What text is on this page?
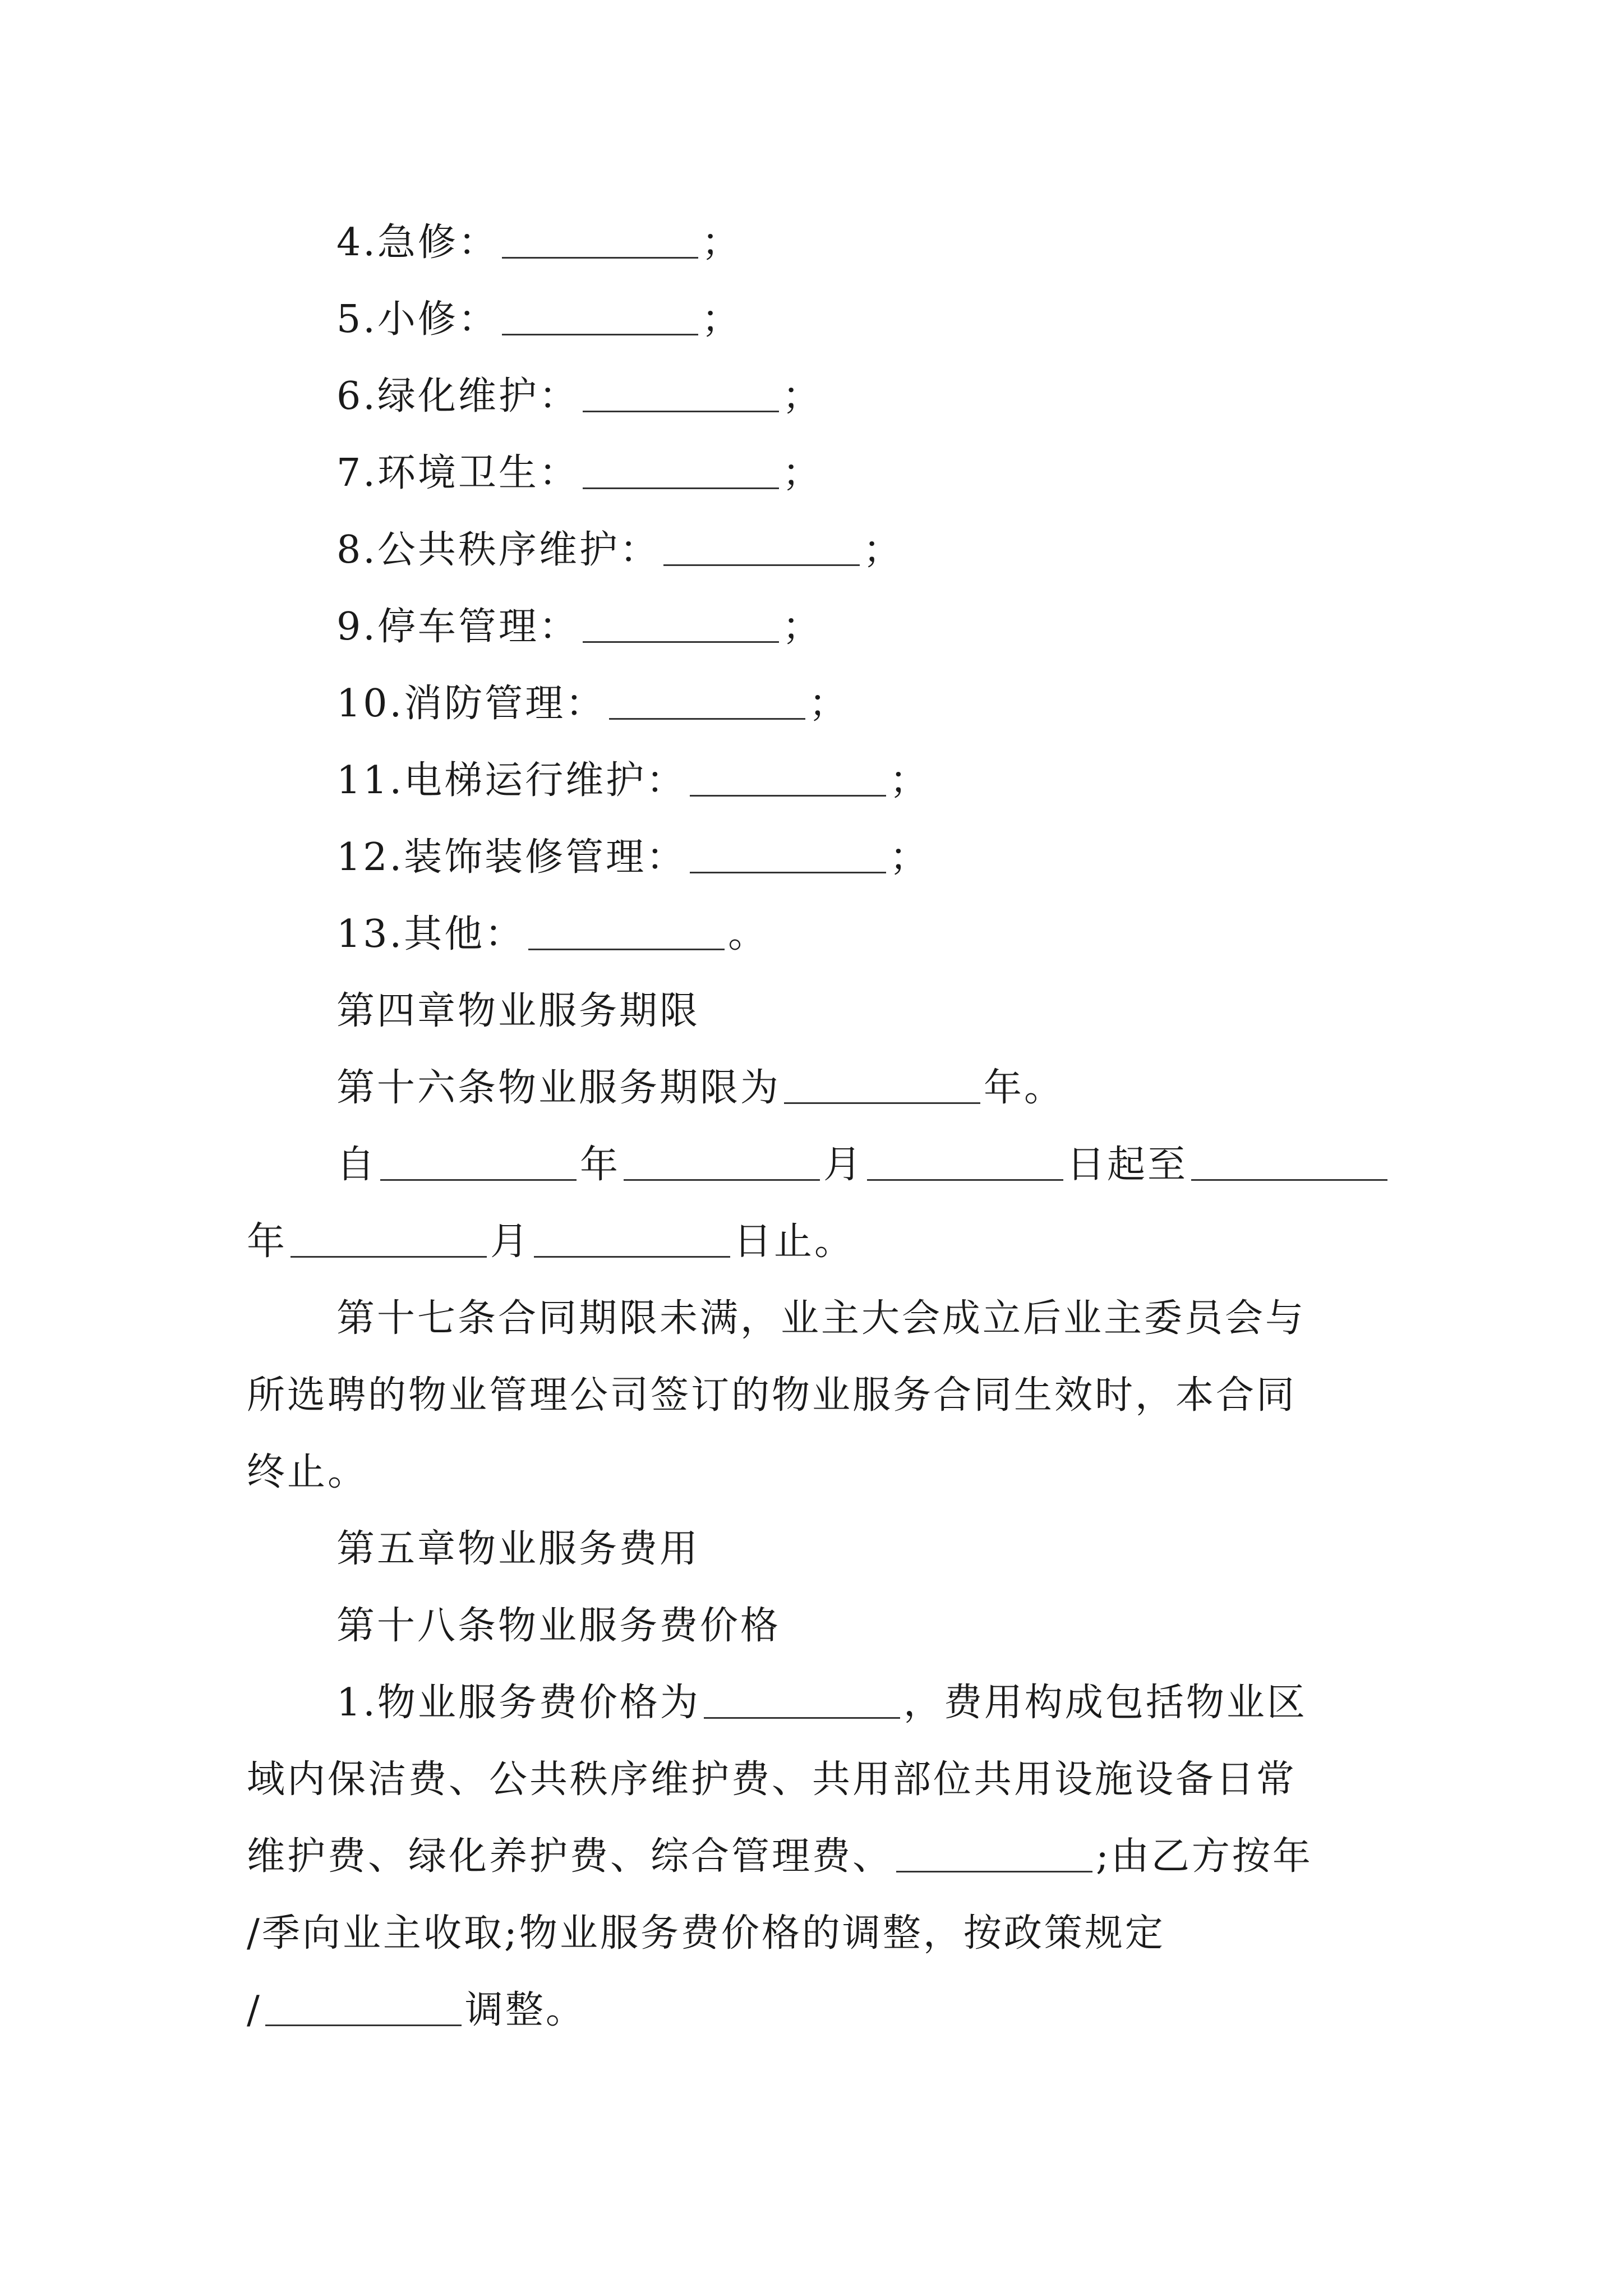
4.急修：	；
5.小修：	；
6.绿化维护：	；
7.环境卫生：	；
8.公共秩序维护：	；
9.停车管理：	；
10.消防管理：	；
11.电梯运行维护：	；
12.装饰装修管理：	；
13.其他：	。
第四章物业服务期限
第十六条物业服务期限为	年。
自	年	月	日起至
年	月	日止。
第十七条合同期限未满，业主大会成立后业主委员会与
所选聘的物业管理公司签订的物业服务合同生效时，本合同
终止。
第五章物业服务费用
第十八条物业服务费价格
1.物业服务费价格为	，费用构成包括物业区
域内保洁费、公共秩序维护费、共用部位共用设施设备日常
维护费、绿化养护费、综合管理费、	;由乙方按年
/季向业主收取;物业服务费价格的调整，按政策规定
/	调整。
